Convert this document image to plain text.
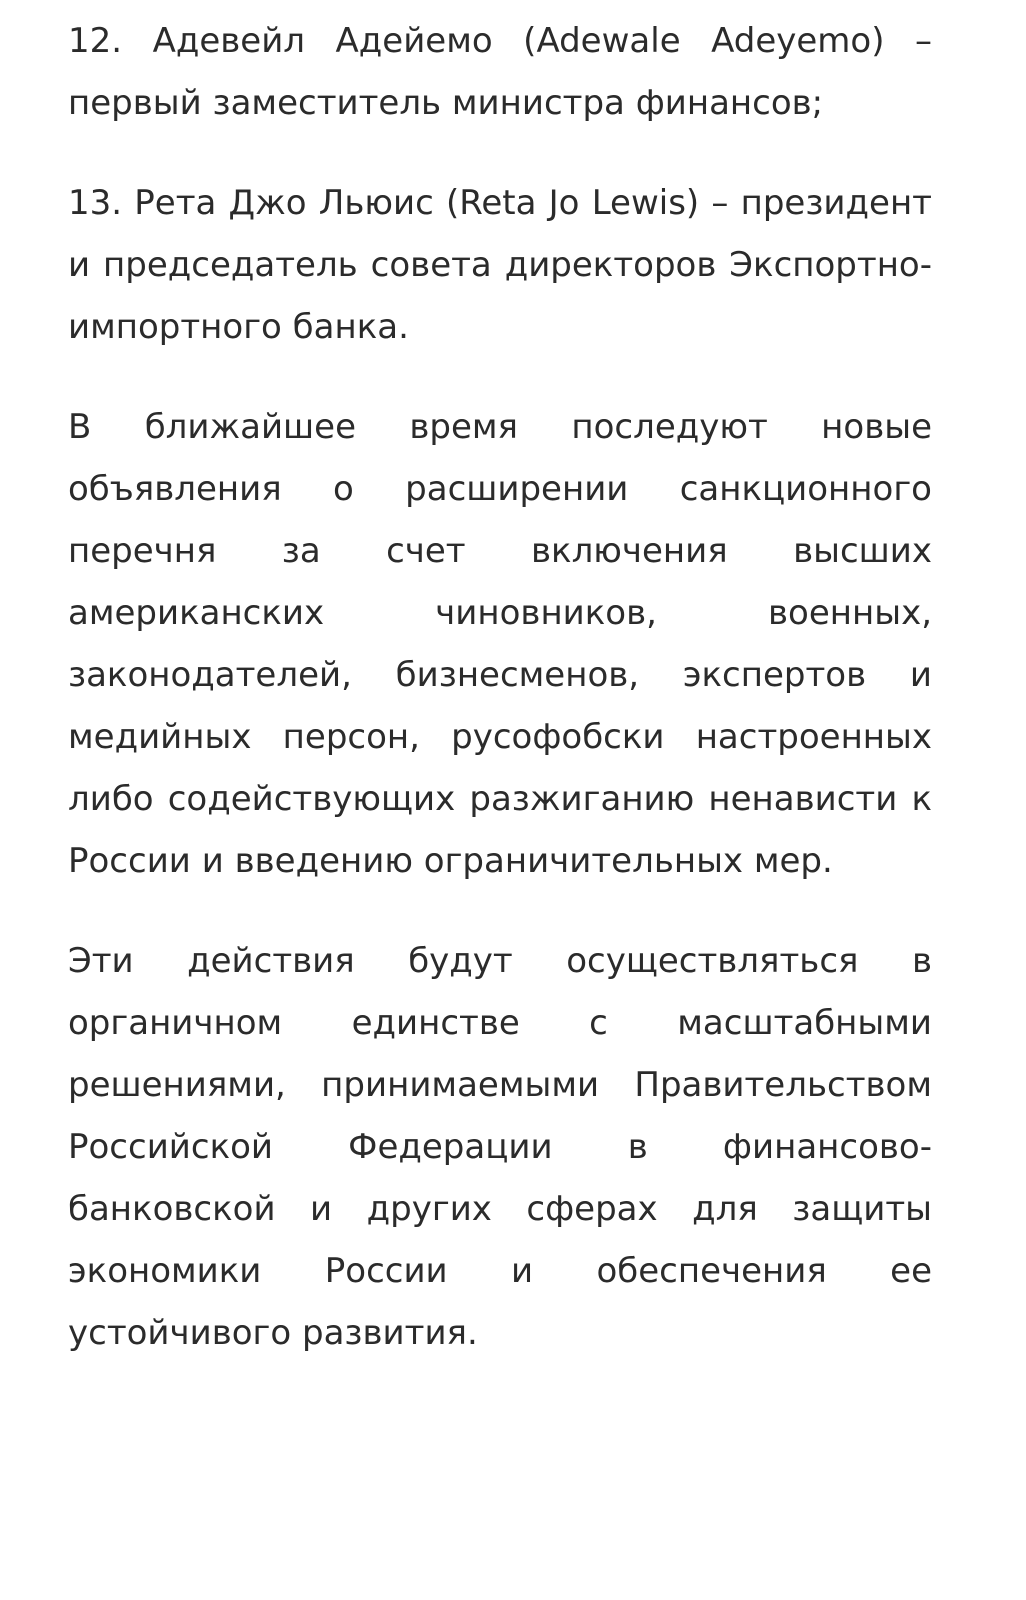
12. Адевейл Адейемо (Adewale Adeyemo) –
первый заместитель министра финансов;
13. Рета Джо Льюис (Reta Jo Lewis) – президент
и председатель совета директоров Экспортно-
импортного банка.
В ближайшее время последуют новые
объявления о расширении санкционного
перечня за счет включения высших
американских чиновников, военных,
законодателей, бизнесменов, экспертов и
медийных персон, русофобски настроенных
либо содействующих разжиганию ненависти к
России и введению ограничительных мер.
Эти действия будут осуществляться в
органичном единстве с масштабными
решениями, принимаемыми Правительством
Российской Федерации в финансово-
банковской и других сферах для защиты
экономики России и обеспечения ее
устойчивого развития.
